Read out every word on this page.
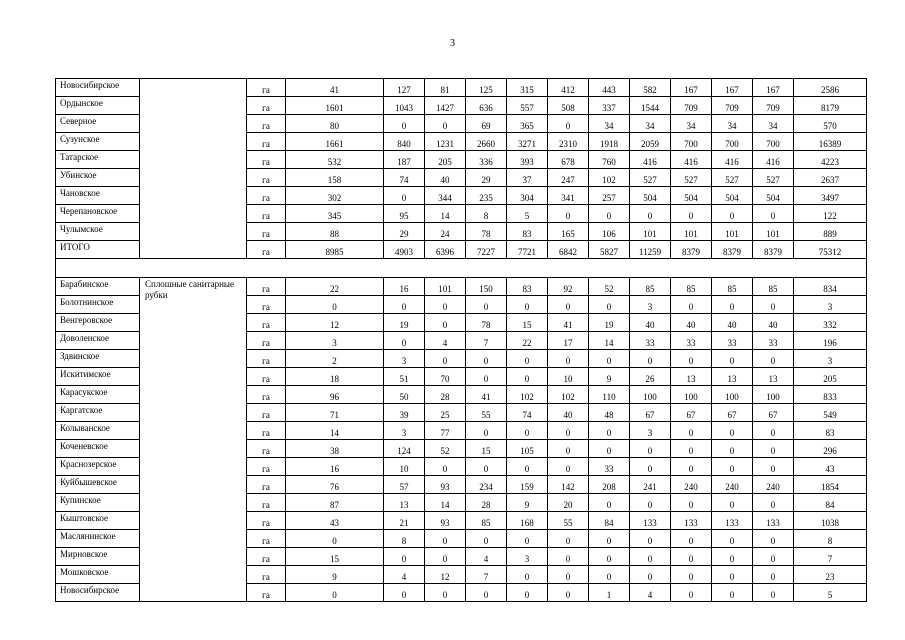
3
Новосибирское		га	41	127	81	125	315	412	443	582	167	167	167	2586
Ордынское		га	1601	1043	1427	636	557	508	337	1544	709	709	709	8179
Северное		га	80	0	0	69	365	0	34	34	34	34	34	570
Сузунское		га	1661	840	1231	2660	3271	2310	1918	2059	700	700	700	16389
Татарское		га	532	187	205	336	393	678	760	416	416	416	416	4223
Убинское		га	158	74	40	29	37	247	102	527	527	527	527	2637
Чановское		га	302	0	344	235	304	341	257	504	504	504	504	3497
Черепановское		га	345	95	14	8	5	0	0	0	0	0	0	122
Чулымское		га	88	29	24	78	83	165	106	101	101	101	101	889
ИТОГО		га	8985	4903	6396	7227	7721	6842	5827	11259	8379	8379	8379	75312

Барабинское	Сплошные санитарные рубки	га	22	16	101	150	83	92	52	85	85	85	85	834
Болотнинское		га	0	0	0	0	0	0	0	3	0	0	0	3
Венгеровское		га	12	19	0	78	15	41	19	40	40	40	40	332
Доволенское		га	3	0	4	7	22	17	14	33	33	33	33	196
Здвинское		га	2	3	0	0	0	0	0	0	0	0	0	3
Искитимское		га	18	51	70	0	0	10	9	26	13	13	13	205
Карасукское		га	96	50	28	41	102	102	110	100	100	100	100	833
Каргатское		га	71	39	25	55	74	40	48	67	67	67	67	549
Колыванское		га	14	3	77	0	0	0	0	3	0	0	0	83
Коченевское		га	38	124	52	15	105	0	0	0	0	0	0	296
Краснозерское		га	16	10	0	0	0	0	33	0	0	0	0	43
Куйбышевское		га	76	57	93	234	159	142	208	241	240	240	240	1854
Купинское		га	87	13	14	28	9	20	0	0	0	0	0	84
Кыштовское		га	43	21	93	85	168	55	84	133	133	133	133	1038
Маслянинское		га	0	8	0	0	0	0	0	0	0	0	0	8
Мирновское		га	15	0	0	4	3	0	0	0	0	0	0	7
Мошковское		га	9	4	12	7	0	0	0	0	0	0	0	23
Новосибирское		га	0	0	0	0	0	0	1	4	0	0	0	5
